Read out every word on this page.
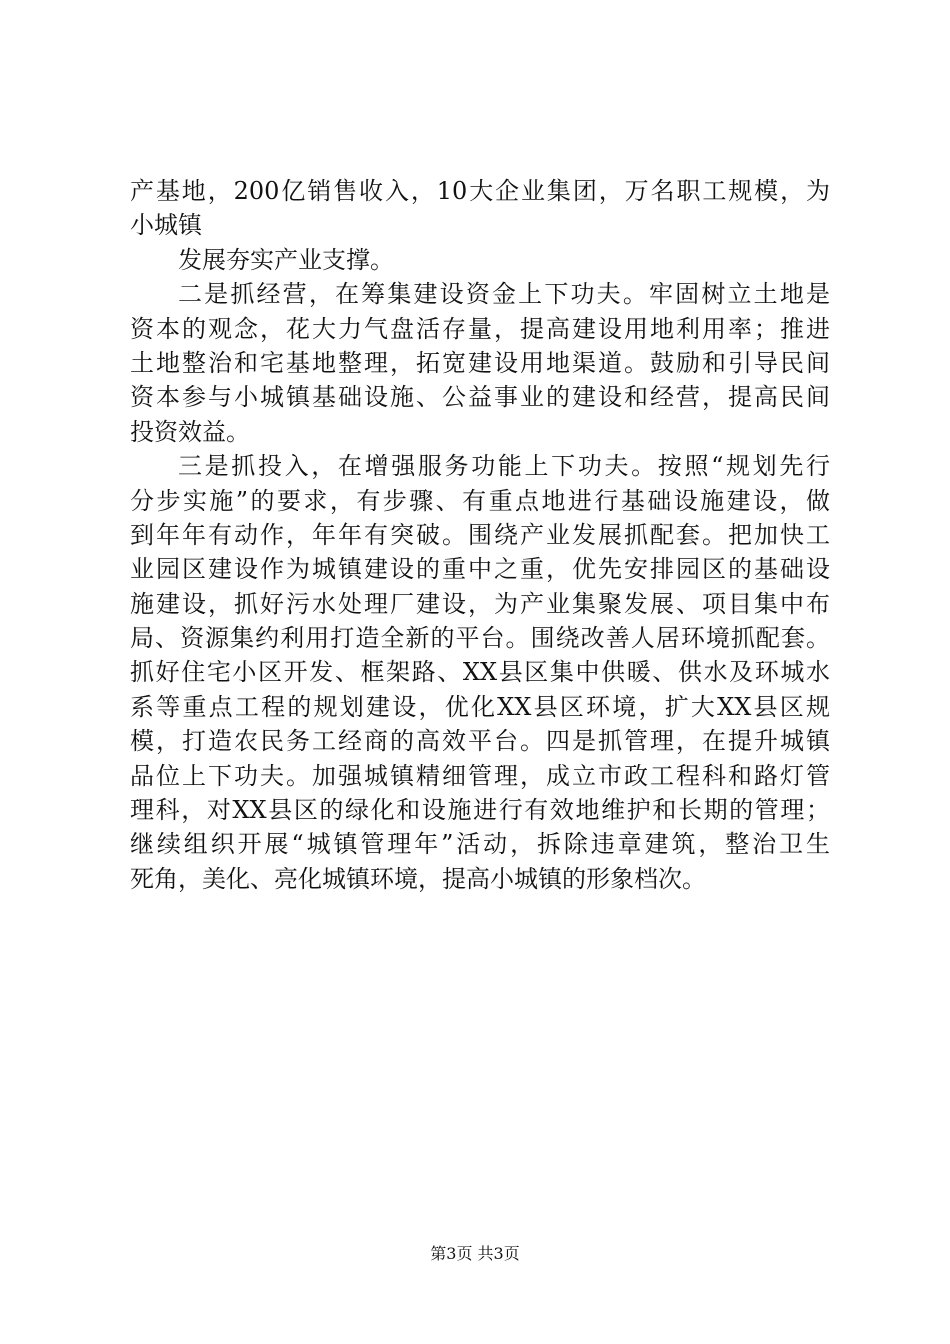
产基地，200亿销售收入，10大企业集团，万名职工规模，为
小城镇
发展夯实产业支撑。
二是抓经营，在筹集建设资金上下功夫。牢固树立土地是
资本的观念，花大力气盘活存量，提高建设用地利用率；推进
土地整治和宅基地整理，拓宽建设用地渠道。鼓励和引导民间
资本参与小城镇基础设施、公益事业的建设和经营，提高民间
投资效益。
三是抓投入，在增强服务功能上下功夫。按照“规划先行
分步实施”的要求，有步骤、有重点地进行基础设施建设，做
到年年有动作，年年有突破。围绕产业发展抓配套。把加快工
业园区建设作为城镇建设的重中之重，优先安排园区的基础设
施建设，抓好污水处理厂建设，为产业集聚发展、项目集中布
局、资源集约利用打造全新的平台。围绕改善人居环境抓配套。
抓好住宅小区开发、框架路、XX县区集中供暖、供水及环城水
系等重点工程的规划建设，优化XX县区环境，扩大XX县区规
模，打造农民务工经商的高效平台。四是抓管理，在提升城镇
品位上下功夫。加强城镇精细管理，成立市政工程科和路灯管
理科，对XX县区的绿化和设施进行有效地维护和长期的管理；
继续组织开展“城镇管理年”活动，拆除违章建筑，整治卫生
死角，美化、亮化城镇环境，提高小城镇的形象档次。
第3页 共3页
